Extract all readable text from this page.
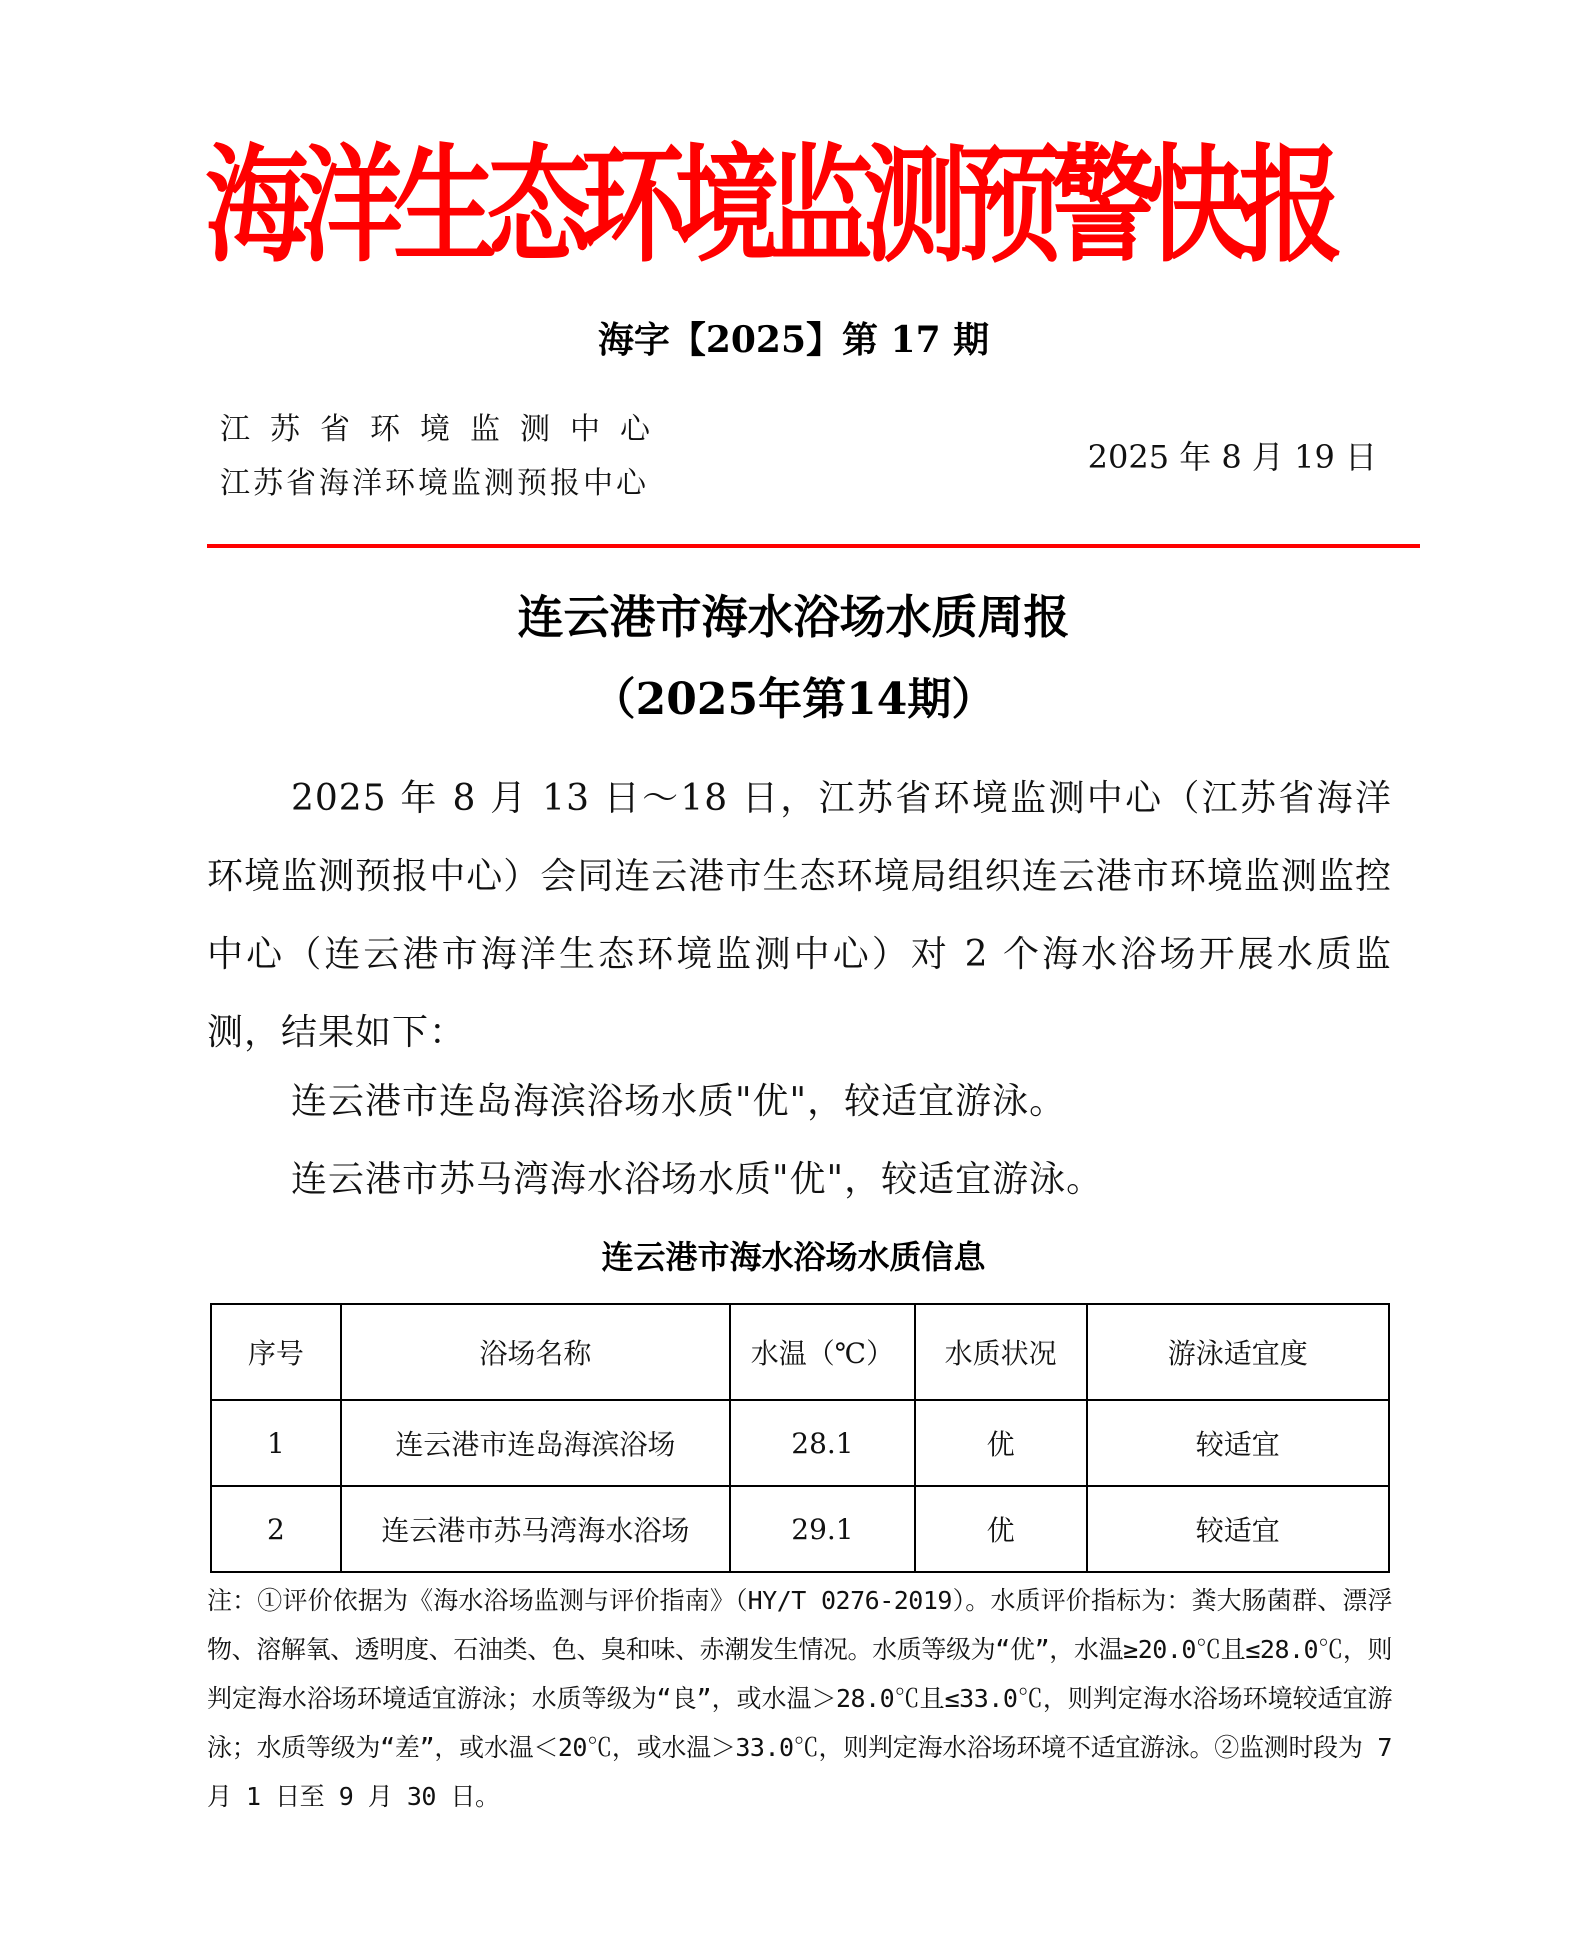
海洋生态环境监测预警快报
海字【2025】第 17 期
江苏省环境监测中心
江苏省海洋环境监测预报中心
2025 年 8 月 19 日
连云港市海水浴场水质周报
（2025年第14期）
2025 年 8 月 13 日～18 日，江苏省环境监测中心（江苏省海洋环境监测预报中心）会同连云港市生态环境局组织连云港市环境监测监控中心（连云港市海洋生态环境监测中心）对 2 个海水浴场开展水质监测，结果如下：
连云港市连岛海滨浴场水质"优"，较适宜游泳。
连云港市苏马湾海水浴场水质"优"，较适宜游泳。
连云港市海水浴场水质信息
序号	浴场名称	水温（℃）	水质状况	游泳适宜度
1	连云港市连岛海滨浴场	28.1	优	较适宜
2	连云港市苏马湾海水浴场	29.1	优	较适宜
注：①评价依据为《海水浴场监测与评价指南》（HY/T 0276-2019）。水质评价指标为：粪大肠菌群、漂浮物、溶解氧、透明度、石油类、色、臭和味、赤潮发生情况。水质等级为“优”，水温≥20.0℃且≤28.0℃，则判定海水浴场环境适宜游泳；水质等级为“良”，或水温＞28.0℃且≤33.0℃，则判定海水浴场环境较适宜游泳；水质等级为“差”，或水温＜20℃，或水温＞33.0℃，则判定海水浴场环境不适宜游泳。②监测时段为 7 月 1 日至 9 月 30 日。
